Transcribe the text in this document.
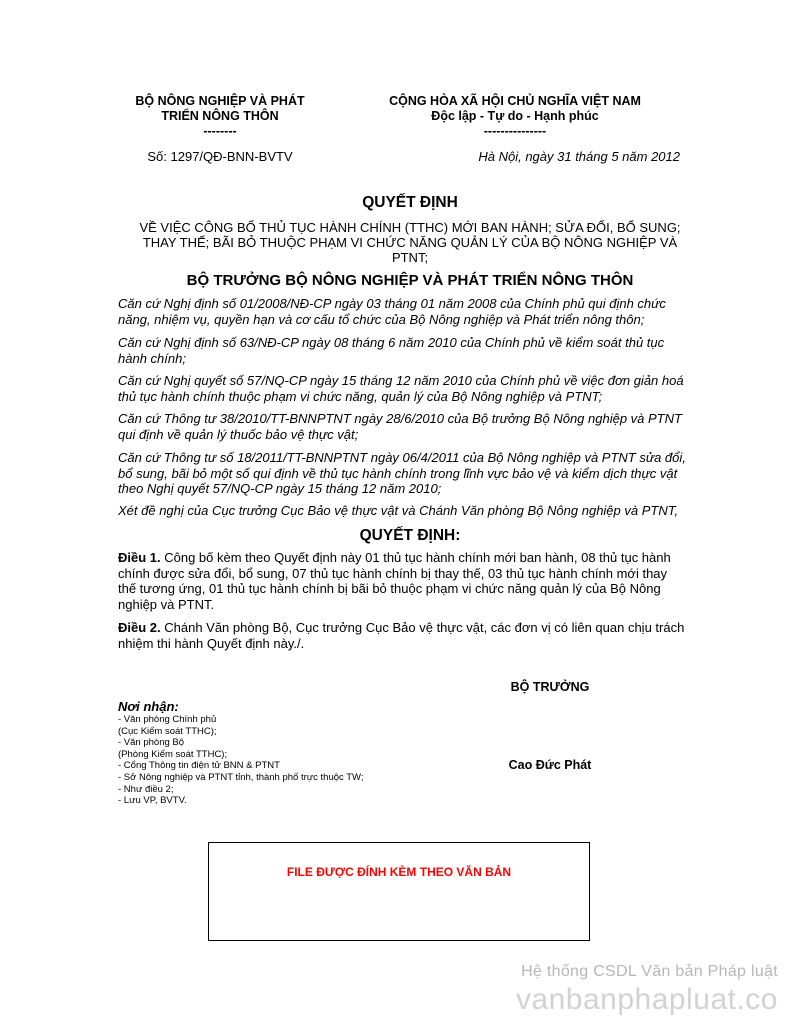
BỘ NÔNG NGHIỆP VÀ PHÁT
TRIỂN NÔNG THÔN
--------
CỘNG HÒA XÃ HỘI CHỦ NGHĨA VIỆT NAM
Độc lập - Tự do - Hạnh phúc
---------------
Số: 1297/QĐ-BNN-BVTV	Hà Nội, ngày 31 tháng 5 năm 2012
QUYẾT ĐỊNH
VỀ VIỆC CÔNG BỐ THỦ TỤC HÀNH CHÍNH (TTHC) MỚI BAN HÀNH; SỬA ĐỔI, BỔ SUNG;
THAY THẾ; BÃI BỎ THUỘC PHẠM VI CHỨC NĂNG QUẢN LÝ CỦA BỘ NÔNG NGHIỆP VÀ
PTNT;
BỘ TRƯỞNG BỘ NÔNG NGHIỆP VÀ PHÁT TRIỂN NÔNG THÔN
Căn cứ Nghị định số 01/2008/NĐ-CP ngày 03 tháng 01 năm 2008 của Chính phủ qui định chức năng, nhiệm vụ, quyền hạn và cơ cấu tổ chức của Bộ Nông nghiệp và Phát triển nông thôn;
Căn cứ Nghị định số 63/NĐ-CP ngày 08 tháng 6 năm 2010 của Chính phủ về kiểm soát thủ tục hành chính;
Căn cứ Nghị quyết số 57/NQ-CP ngày 15 tháng 12 năm 2010 của Chính phủ về việc đơn giản hoá thủ tục hành chính thuộc phạm vi chức năng, quản lý của Bộ Nông nghiệp và PTNT;
Căn cứ Thông tư 38/2010/TT-BNNPTNT ngày 28/6/2010 của Bộ trưởng Bộ Nông nghiệp và PTNT qui định về quản lý thuốc bảo vệ thực vật;
Căn cứ Thông tư số 18/2011/TT-BNNPTNT ngày 06/4/2011 của Bộ Nông nghiệp và PTNT sửa đổi, bổ sung, bãi bỏ một số qui định về thủ tục hành chính trong lĩnh vực bảo vệ và kiểm dịch thực vật theo Nghị quyết 57/NQ-CP ngày 15 tháng 12 năm 2010;
Xét đề nghị của Cục trưởng Cục Bảo vệ thực vật và Chánh Văn phòng Bộ Nông nghiệp và PTNT,
QUYẾT ĐỊNH:
Điều 1. Công bố kèm theo Quyết định này 01 thủ tục hành chính mới ban hành, 08 thủ tục hành chính được sửa đổi, bổ sung, 07 thủ tục hành chính bị thay thế, 03 thủ tục hành chính mới thay thế tương ứng, 01 thủ tục hành chính bị bãi bỏ thuộc phạm vi chức năng quản lý của Bộ Nông nghiệp và PTNT.
Điều 2. Chánh Văn phòng Bộ, Cục trưởng Cục Bảo vệ thực vật, các đơn vị có liên quan chịu trách nhiệm thi hành Quyết định này./.
BỘ TRƯỞNG
Cao Đức Phát
Nơi nhận:
- Văn phòng Chính phủ
(Cục Kiểm soát TTHC);
- Văn phòng Bộ
(Phòng Kiểm soát TTHC);
- Cổng Thông tin điện tử BNN & PTNT
- Sở Nông nghiệp và PTNT tỉnh, thành phố trực thuộc TW;
- Như điều 2;
- Lưu VP, BVTV.
FILE ĐƯỢC ĐÍNH KÈM THEO VĂN BẢN
Hệ thống CSDL Văn bản Pháp luật
vanbanphapluat.co
